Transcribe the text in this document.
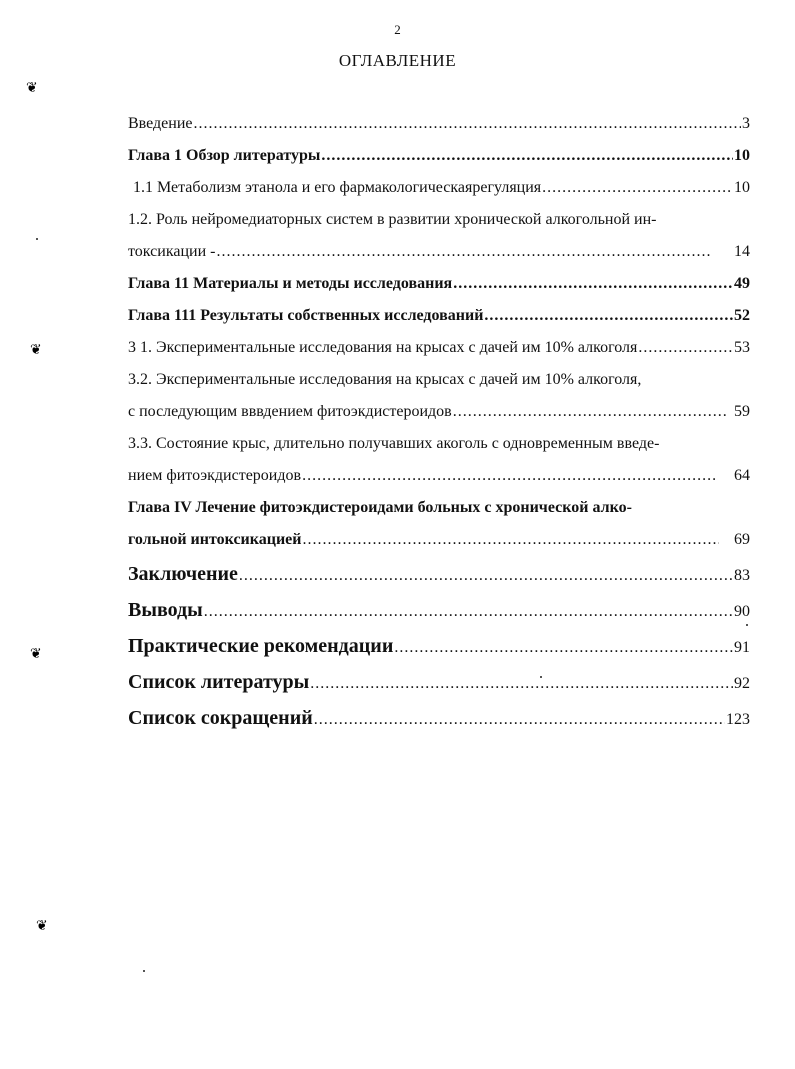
2
ОГЛАВЛЕНИЕ
❦
❦
❦
❦
Введение .....	3
Глава 1 Обзор литературы .....	10
1.1 Метаболизм этанола и его фармакологическаярегуляция .....	10
1.2. Роль нейромедиаторных систем в развитии хронической алкогольной ин-
токсикации - .....	14
Глава 11 Материалы и методы исследования .....	49
Глава 111 Результаты собственных исследований .....	52
3 1. Экспериментальные исследования на крысах с дачей им 10% алкоголя .....	53
3.2. Экспериментальные исследования на крысах с дачей им 10% алкоголя,
с последующим вввдением фитоэкдистероидов .....	59
3.3. Состояние крыс, длительно получавших акоголь с одновременным введе-
нием фитоэкдистероидов .....	64
Глава IV Лечение фитоэкдистероидами больных с хронической алко-
гольной интоксикацией .....	69
Заключение .....	83
Выводы .....	90
Практические рекомендации .....	91
Список литературы .....	92
Список сокращений .....	123
